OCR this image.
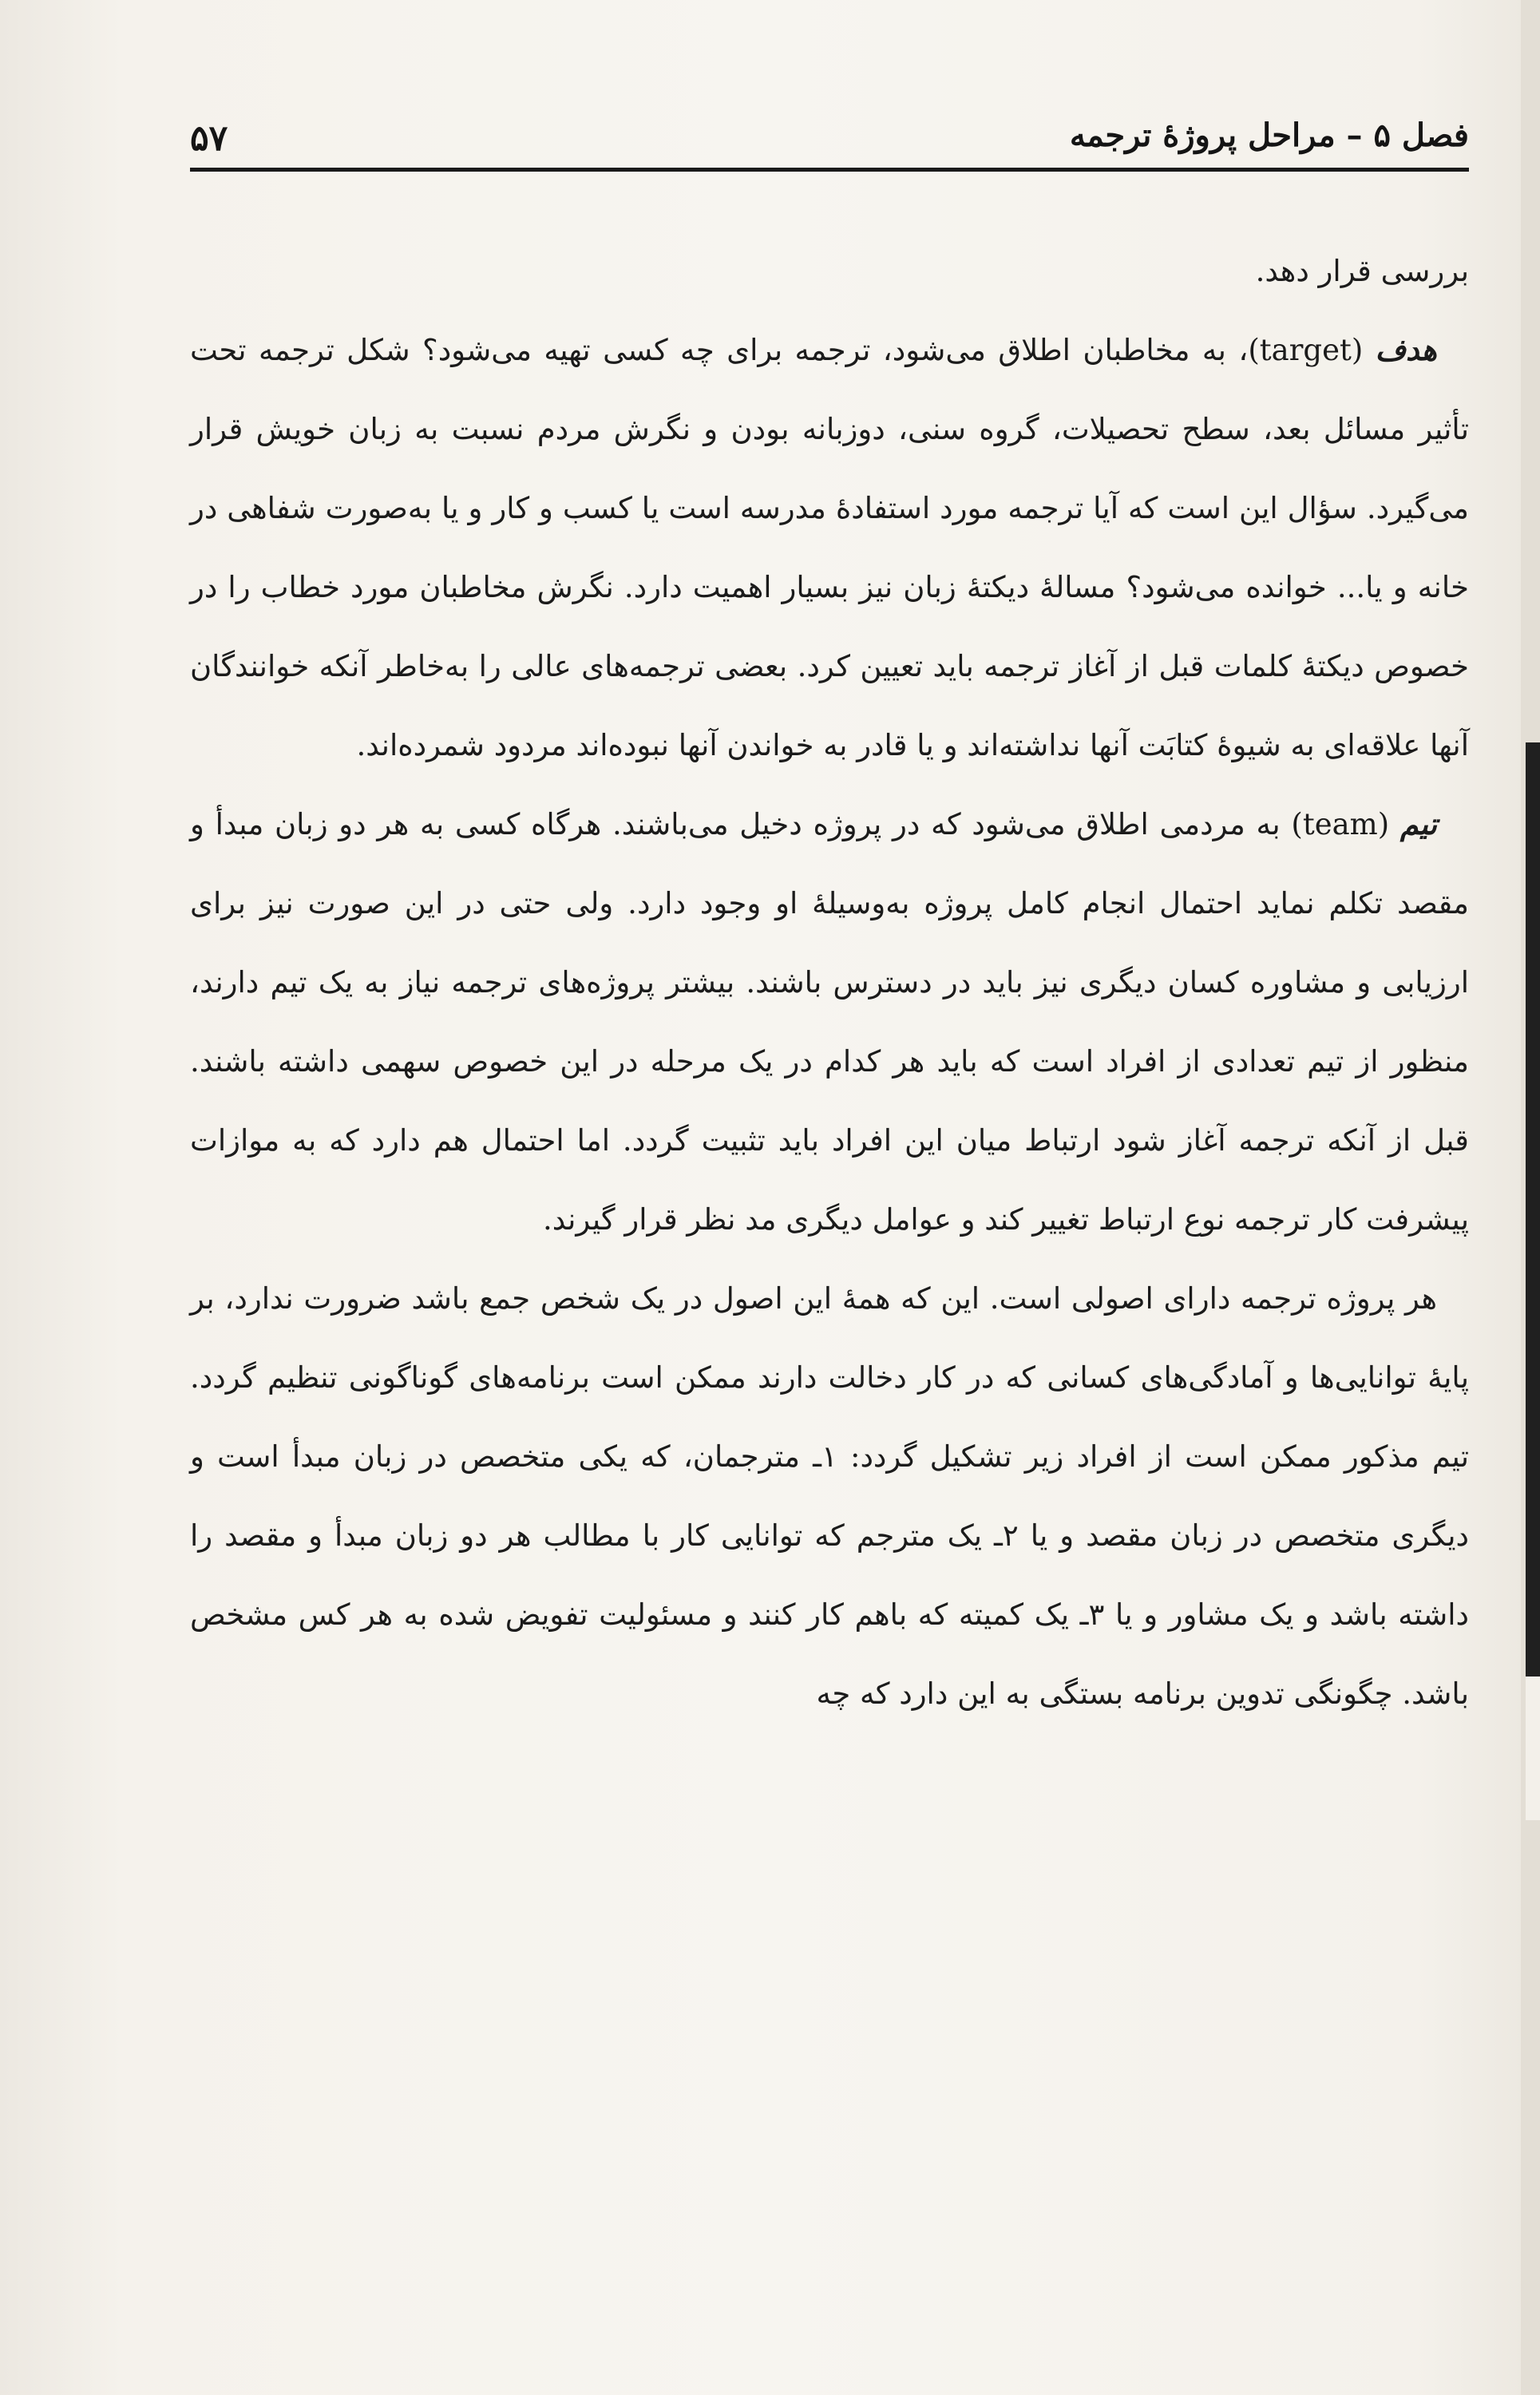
فصل ۵ – مراحل پروژهٔ ترجمه
۵۷

بررسی قرار دهد.

هدف (target)، به مخاطبان اطلاق می‌شود، ترجمه برای چه کسی تهیه می‌شود؟ شکل ترجمه تحت تأثیر مسائل بعد، سطح تحصیلات، گروه سنی، دوزبانه بودن و نگرش مردم نسبت به زبان خویش قرار می‌گیرد. سؤال این است که آیا ترجمه مورد استفادهٔ مدرسه است یا کسب و کار و یا به‌صورت شفاهی در خانه و یا... خوانده می‌شود؟ مسالهٔ دیکتهٔ زبان نیز بسیار اهمیت دارد. نگرش مخاطبان مورد خطاب را در خصوص دیکتهٔ کلمات قبل از آغاز ترجمه باید تعیین کرد. بعضی ترجمه‌های عالی را به‌خاطر آنکه خوانندگان آنها علاقه‌ای به شیوهٔ کتابَت آنها نداشته‌اند و یا قادر به خواندن آنها نبوده‌اند مردود شمرده‌اند.

تیم (team) به مردمی اطلاق می‌شود که در پروژه دخیل می‌باشند. هرگاه کسی به هر دو زبان مبدأ و مقصد تکلم نماید احتمال انجام کامل پروژه به‌وسیلهٔ او وجود دارد. ولی حتی در این صورت نیز برای ارزیابی و مشاوره کسان دیگری نیز باید در دسترس باشند. بیشتر پروژه‌های ترجمه نیاز به یک تیم دارند، منظور از تیم تعدادی از افراد است که باید هر کدام در یک مرحله در این خصوص سهمی داشته باشند. قبل از آنکه ترجمه آغاز شود ارتباط میان این افراد باید تثبیت گردد. اما احتمال هم دارد که به موازات پیشرفت کار ترجمه نوع ارتباط تغییر کند و عوامل دیگری مد نظر قرار گیرند.

هر پروژه ترجمه دارای اصولی است. این که همهٔ این اصول در یک شخص جمع باشد ضرورت ندارد، بر پایهٔ توانایی‌ها و آمادگی‌های کسانی که در کار دخالت دارند ممکن است برنامه‌های گوناگونی تنظیم گردد. تیم مذکور ممکن است از افراد زیر تشکیل گردد: ۱ـ مترجمان، که یکی متخصص در زبان مبدأ است و دیگری متخصص در زبان مقصد و یا ۲ـ یک مترجم که توانایی کار با مطالب هر دو زبان مبدأ و مقصد را داشته باشد و یک مشاور و یا ۳ـ یک کمیته که باهم کار کنند و مسئولیت تفویض شده به هر کس مشخص باشد. چگونگی تدوین برنامه بستگی به این دارد که چه
